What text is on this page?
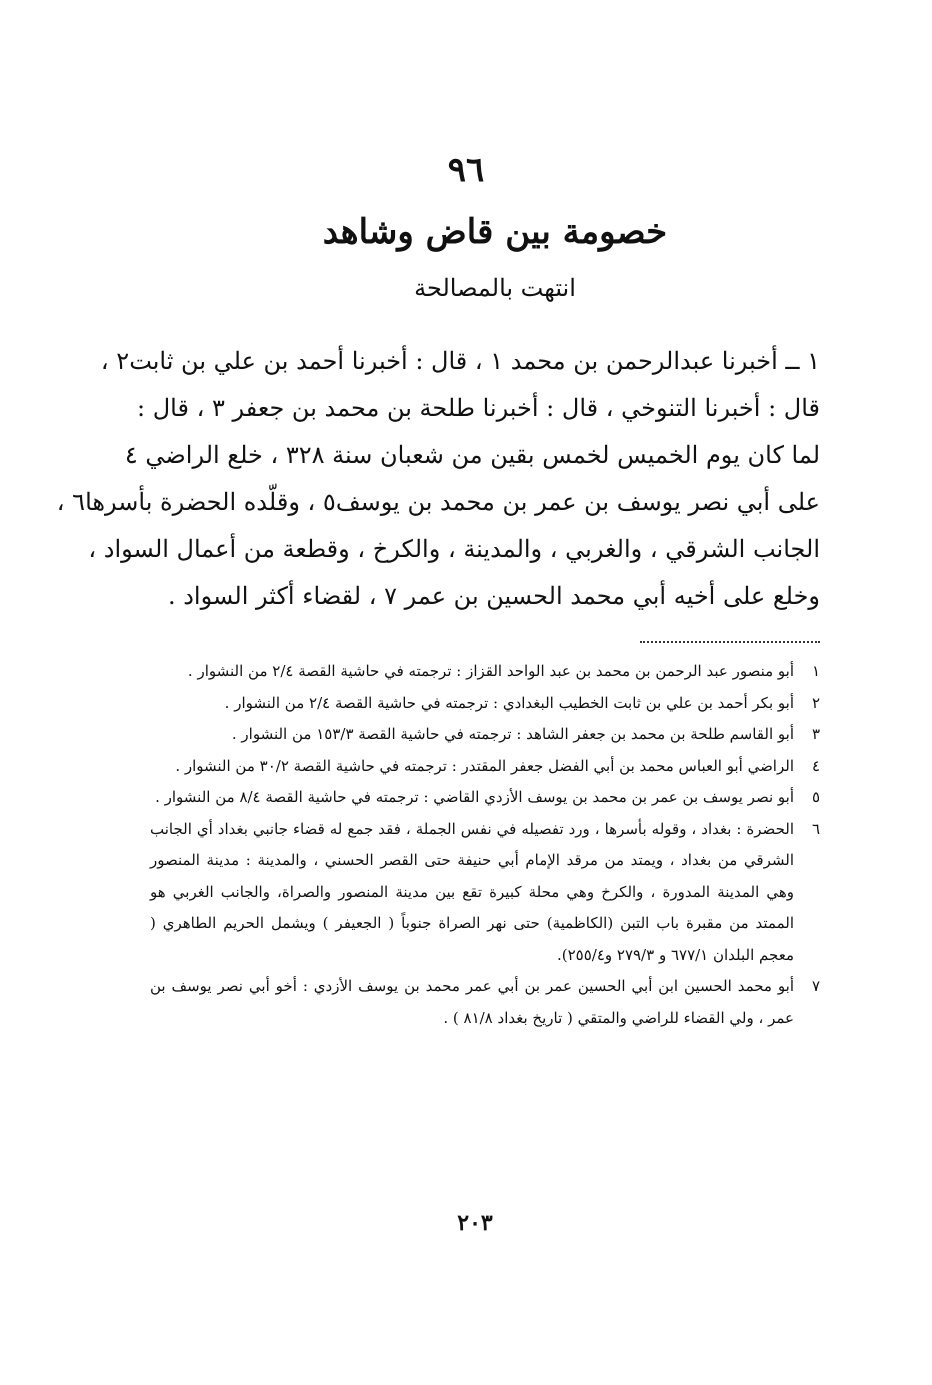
٩٦
خصومة بين قاض وشاهد
انتهت بالمصالحة
١ ــ أخبرنا عبدالرحمن بن محمد ١ ، قال : أخبرنا أحمد بن علي بن ثابت٢ ،
قال : أخبرنا التنوخي ، قال : أخبرنا طلحة بن محمد بن جعفر ٣ ، قال :
لما كان يوم الخميس لخمس بقين من شعبان سنة ٣٢٨ ، خلع الراضي ٤
على أبي نصر يوسف بن عمر بن محمد بن يوسف٥ ، وقلّده الحضرة بأسرها٦ ،
الجانب الشرقي ، والغربي ، والمدينة ، والكرخ ، وقطعة من أعمال السواد ،
وخلع على أخيه أبي محمد الحسين بن عمر ٧ ، لقضاء أكثر السواد .
١
أبو منصور عبد الرحمن بن محمد بن عبد الواحد القزاز : ترجمته في حاشية القصة ٢/٤ من النشوار .
٢
أبو بكر أحمد بن علي بن ثابت الخطيب البغدادي : ترجمته في حاشية القصة ٢/٤ من النشوار .
٣
أبو القاسم طلحة بن محمد بن جعفر الشاهد : ترجمته في حاشية القصة ١٥٣/٣ من النشوار .
٤
الراضي أبو العباس محمد بن أبي الفضل جعفر المقتدر : ترجمته في حاشية القصة ٣٠/٢ من النشوار .
٥
أبو نصر يوسف بن عمر بن محمد بن يوسف الأزدي القاضي : ترجمته في حاشية القصة ٨/٤ من النشوار .
٦
الحضرة : بغداد ، وقوله بأسرها ، ورد تفصيله في نفس الجملة ، فقد جمع له قضاء جانبي بغداد أي الجانب الشرقي من بغداد ، ويمتد من مرقد الإمام أبي حنيفة حتى القصر الحسني ، والمدينة : مدينة المنصور وهي المدينة المدورة ، والكرخ وهي محلة كبيرة تقع بين مدينة المنصور والصراة، والجانب الغربي هو الممتد من مقبرة باب التبن (الكاظمية) حتى نهر الصراة جنوباً ( الجعيفر ) ويشمل الحريم الطاهري ( معجم البلدان ٦٧٧/١ و ٢٧٩/٣ و٢٥٥/٤).
٧
أبو محمد الحسين ابن أبي الحسين عمر بن أبي عمر محمد بن يوسف الأزدي : أخو أبي نصر يوسف بن عمر ، ولي القضاء للراضي والمتقي ( تاريخ بغداد ٨١/٨ ) .
٢٠٣
